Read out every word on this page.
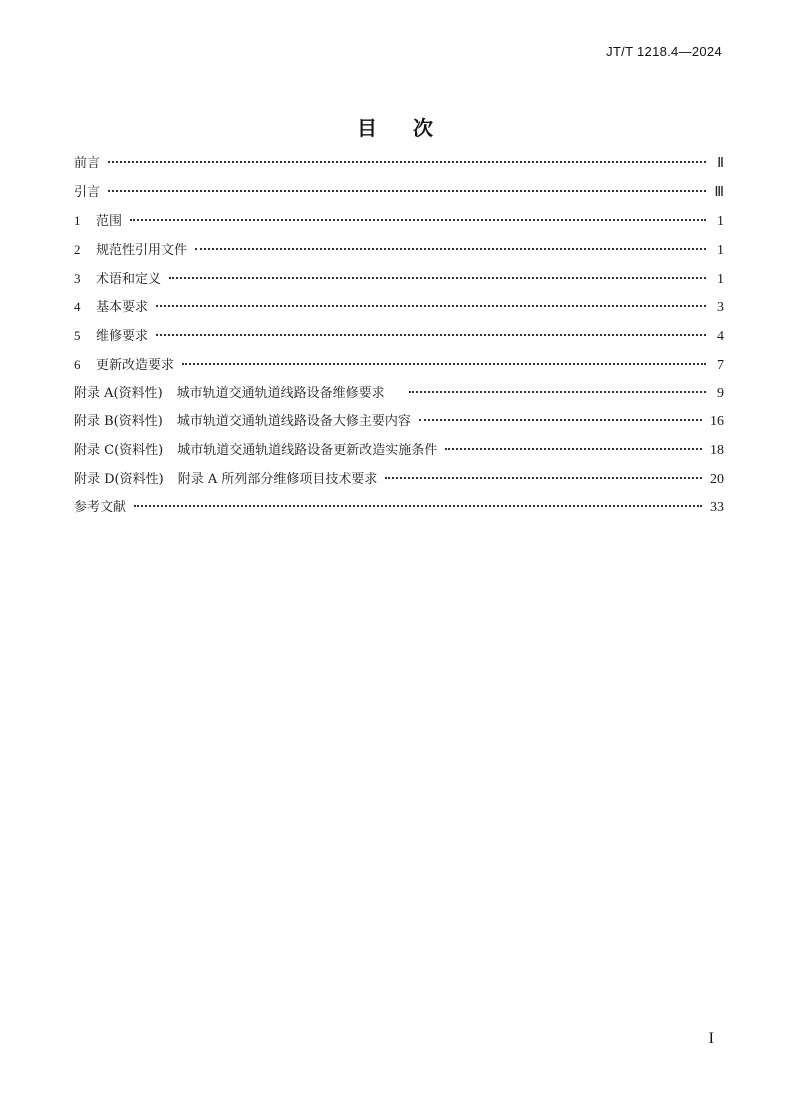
JT/T 1218.4—2024
目次
前言	Ⅱ
引言	Ⅲ
1 范围	1
2 规范性引用文件	1
3 术语和定义	1
4 基本要求	3
5 维修要求	4
6 更新改造要求	7
附录 A(资料性) 城市轨道交通轨道线路设备维修要求	9
附录 B(资料性) 城市轨道交通轨道线路设备大修主要内容	16
附录 C(资料性) 城市轨道交通轨道线路设备更新改造实施条件	18
附录 D(资料性) 附录 A 所列部分维修项目技术要求	20
参考文献	33
I
